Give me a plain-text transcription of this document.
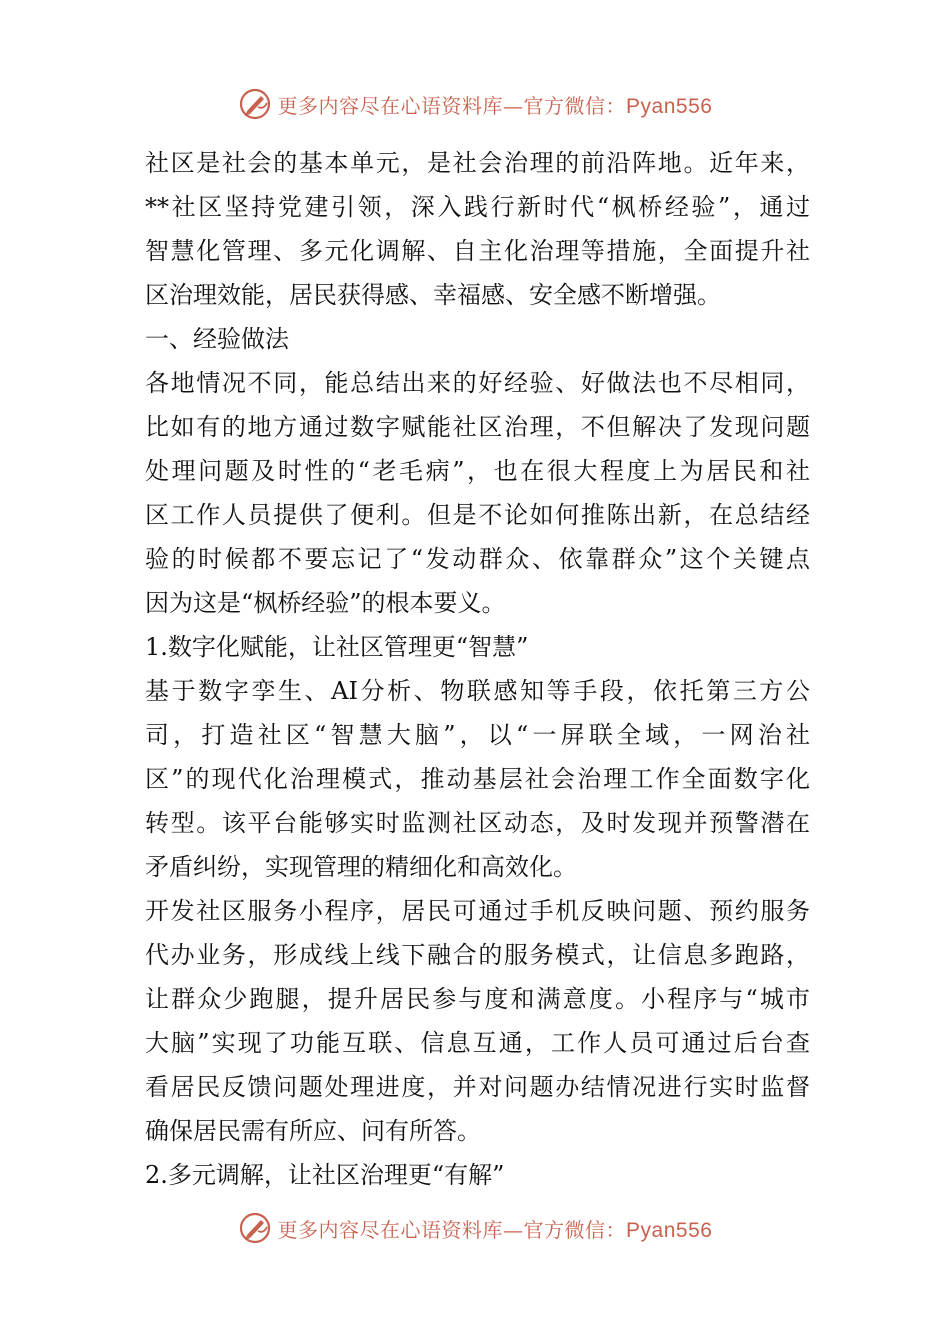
更多内容尽在心语资料库—官方微信：Pyan556
社区是社会的基本单元，是社会治理的前沿阵地。近年来，
**社区坚持党建引领，深入践行新时代“枫桥经验”，通过
智慧化管理、多元化调解、自主化治理等措施，全面提升社
区治理效能，居民获得感、幸福感、安全感不断增强。
一、经验做法
各地情况不同，能总结出来的好经验、好做法也不尽相同，
比如有的地方通过数字赋能社区治理，不但解决了发现问题
处理问题及时性的“老毛病”，也在很大程度上为居民和社
区工作人员提供了便利。但是不论如何推陈出新，在总结经
验的时候都不要忘记了“发动群众、依靠群众”这个关键点
因为这是“枫桥经验”的根本要义。
1.数字化赋能，让社区管理更“智慧”
基于数字孪生、AI分析、物联感知等手段，依托第三方公
司，打造社区“智慧大脑”，以“一屏联全域，一网治社
区”的现代化治理模式，推动基层社会治理工作全面数字化
转型。该平台能够实时监测社区动态，及时发现并预警潜在
矛盾纠纷，实现管理的精细化和高效化。
开发社区服务小程序，居民可通过手机反映问题、预约服务
代办业务，形成线上线下融合的服务模式，让信息多跑路，
让群众少跑腿，提升居民参与度和满意度。小程序与“城市
大脑”实现了功能互联、信息互通，工作人员可通过后台查
看居民反馈问题处理进度，并对问题办结情况进行实时监督
确保居民需有所应、问有所答。
2.多元调解，让社区治理更“有解”
更多内容尽在心语资料库—官方微信：Pyan556
